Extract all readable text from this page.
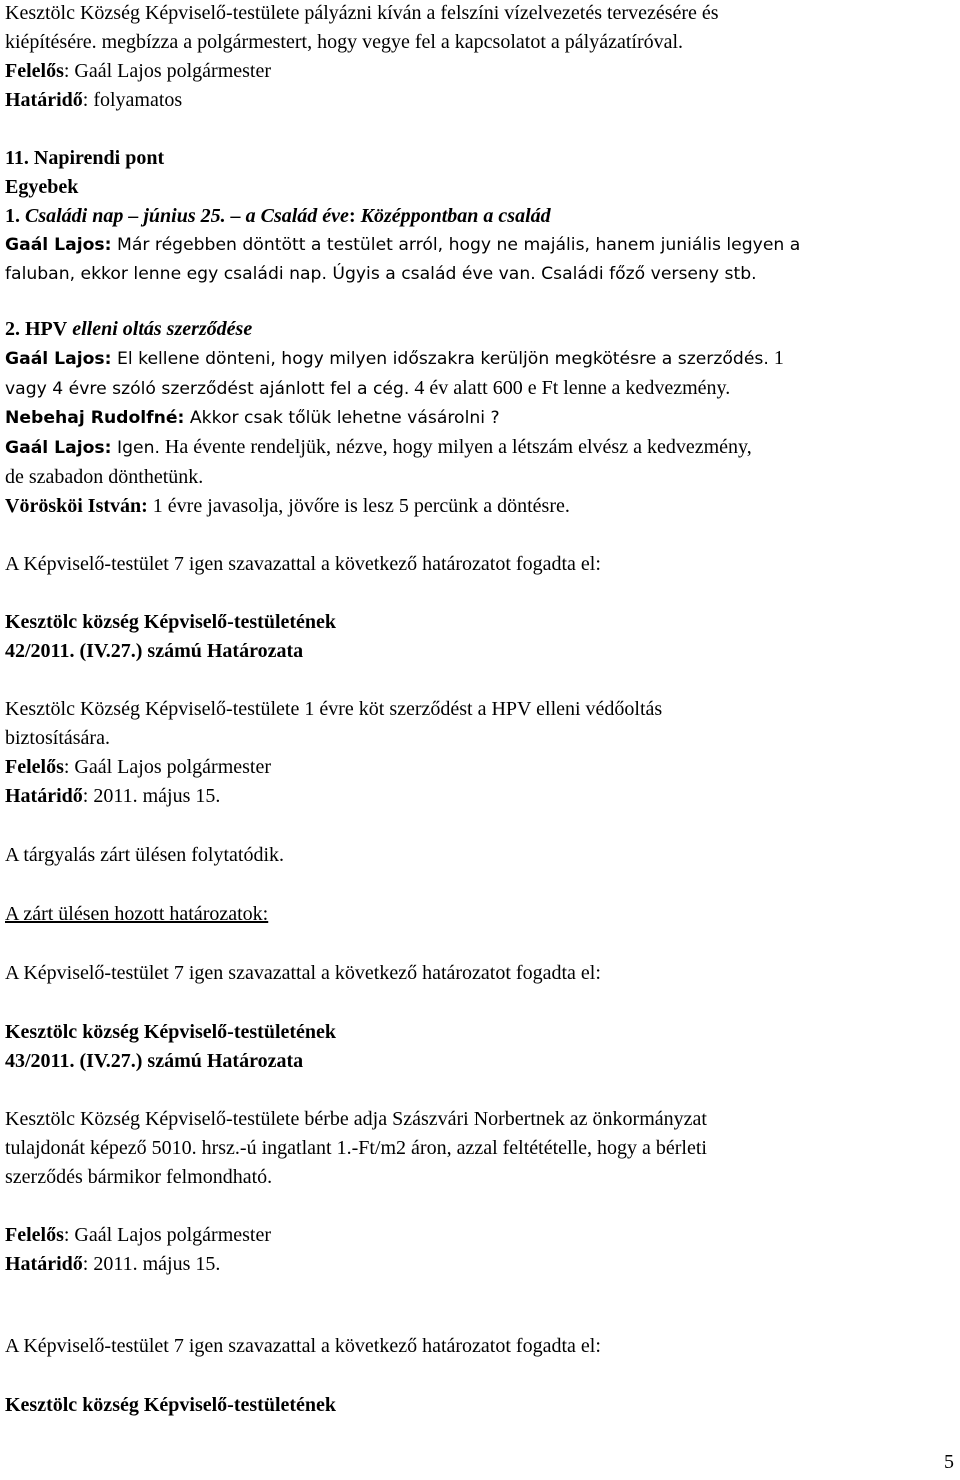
Kesztölc Község Képviselő-testülete pályázni kíván a felszíni vízelvezetés tervezésére és
kiépítésére. megbízza a polgármestert, hogy vegye fel a kapcsolatot a pályázatíróval.
Felelős: Gaál Lajos polgármester
Határidő: folyamatos
11. Napirendi pont
Egyebek
1. Családi nap – június 25. – a Család éve: Középpontban a család
Gaál Lajos: Már régebben döntött a testület arról, hogy ne majális, hanem juniális legyen a
faluban, ekkor lenne egy családi nap. Úgyis a család éve van. Családi főző verseny stb.
2. HPV elleni oltás szerződése
Gaál Lajos: El kellene dönteni, hogy milyen időszakra kerüljön megkötésre a szerződés. 1
vagy 4 évre szóló szerződést ajánlott fel a cég. 4 év alatt 600 e Ft lenne a kedvezmény.
Nebehaj Rudolfné: Akkor csak tőlük lehetne vásárolni ?
Gaál Lajos: Igen. Ha évente rendeljük, nézve, hogy milyen a létszám elvész a kedvezmény,
de szabadon dönthetünk.
Vörösköi István: 1 évre javasolja, jövőre is lesz 5 percünk a döntésre.
A Képviselő-testület 7 igen szavazattal a következő határozatot fogadta el:
Kesztölc község Képviselő-testületének
42/2011. (IV.27.) számú Határozata
Kesztölc Község Képviselő-testülete 1 évre köt szerződést a HPV elleni védőoltás
biztosítására.
Felelős: Gaál Lajos polgármester
Határidő: 2011. május 15.
A tárgyalás zárt ülésen folytatódik.
A zárt ülésen hozott határozatok:
A Képviselő-testület 7 igen szavazattal a következő határozatot fogadta el:
Kesztölc község Képviselő-testületének
43/2011. (IV.27.) számú Határozata
Kesztölc Község Képviselő-testülete bérbe adja Szászvári Norbertnek az önkormányzat
tulajdonát képező 5010. hrsz.-ú ingatlant 1.-Ft/m2 áron, azzal feltétételle, hogy a bérleti
szerződés bármikor felmondható.
Felelős: Gaál Lajos polgármester
Határidő: 2011. május 15.
A Képviselő-testület 7 igen szavazattal a következő határozatot fogadta el:
Kesztölc község Képviselő-testületének
5
